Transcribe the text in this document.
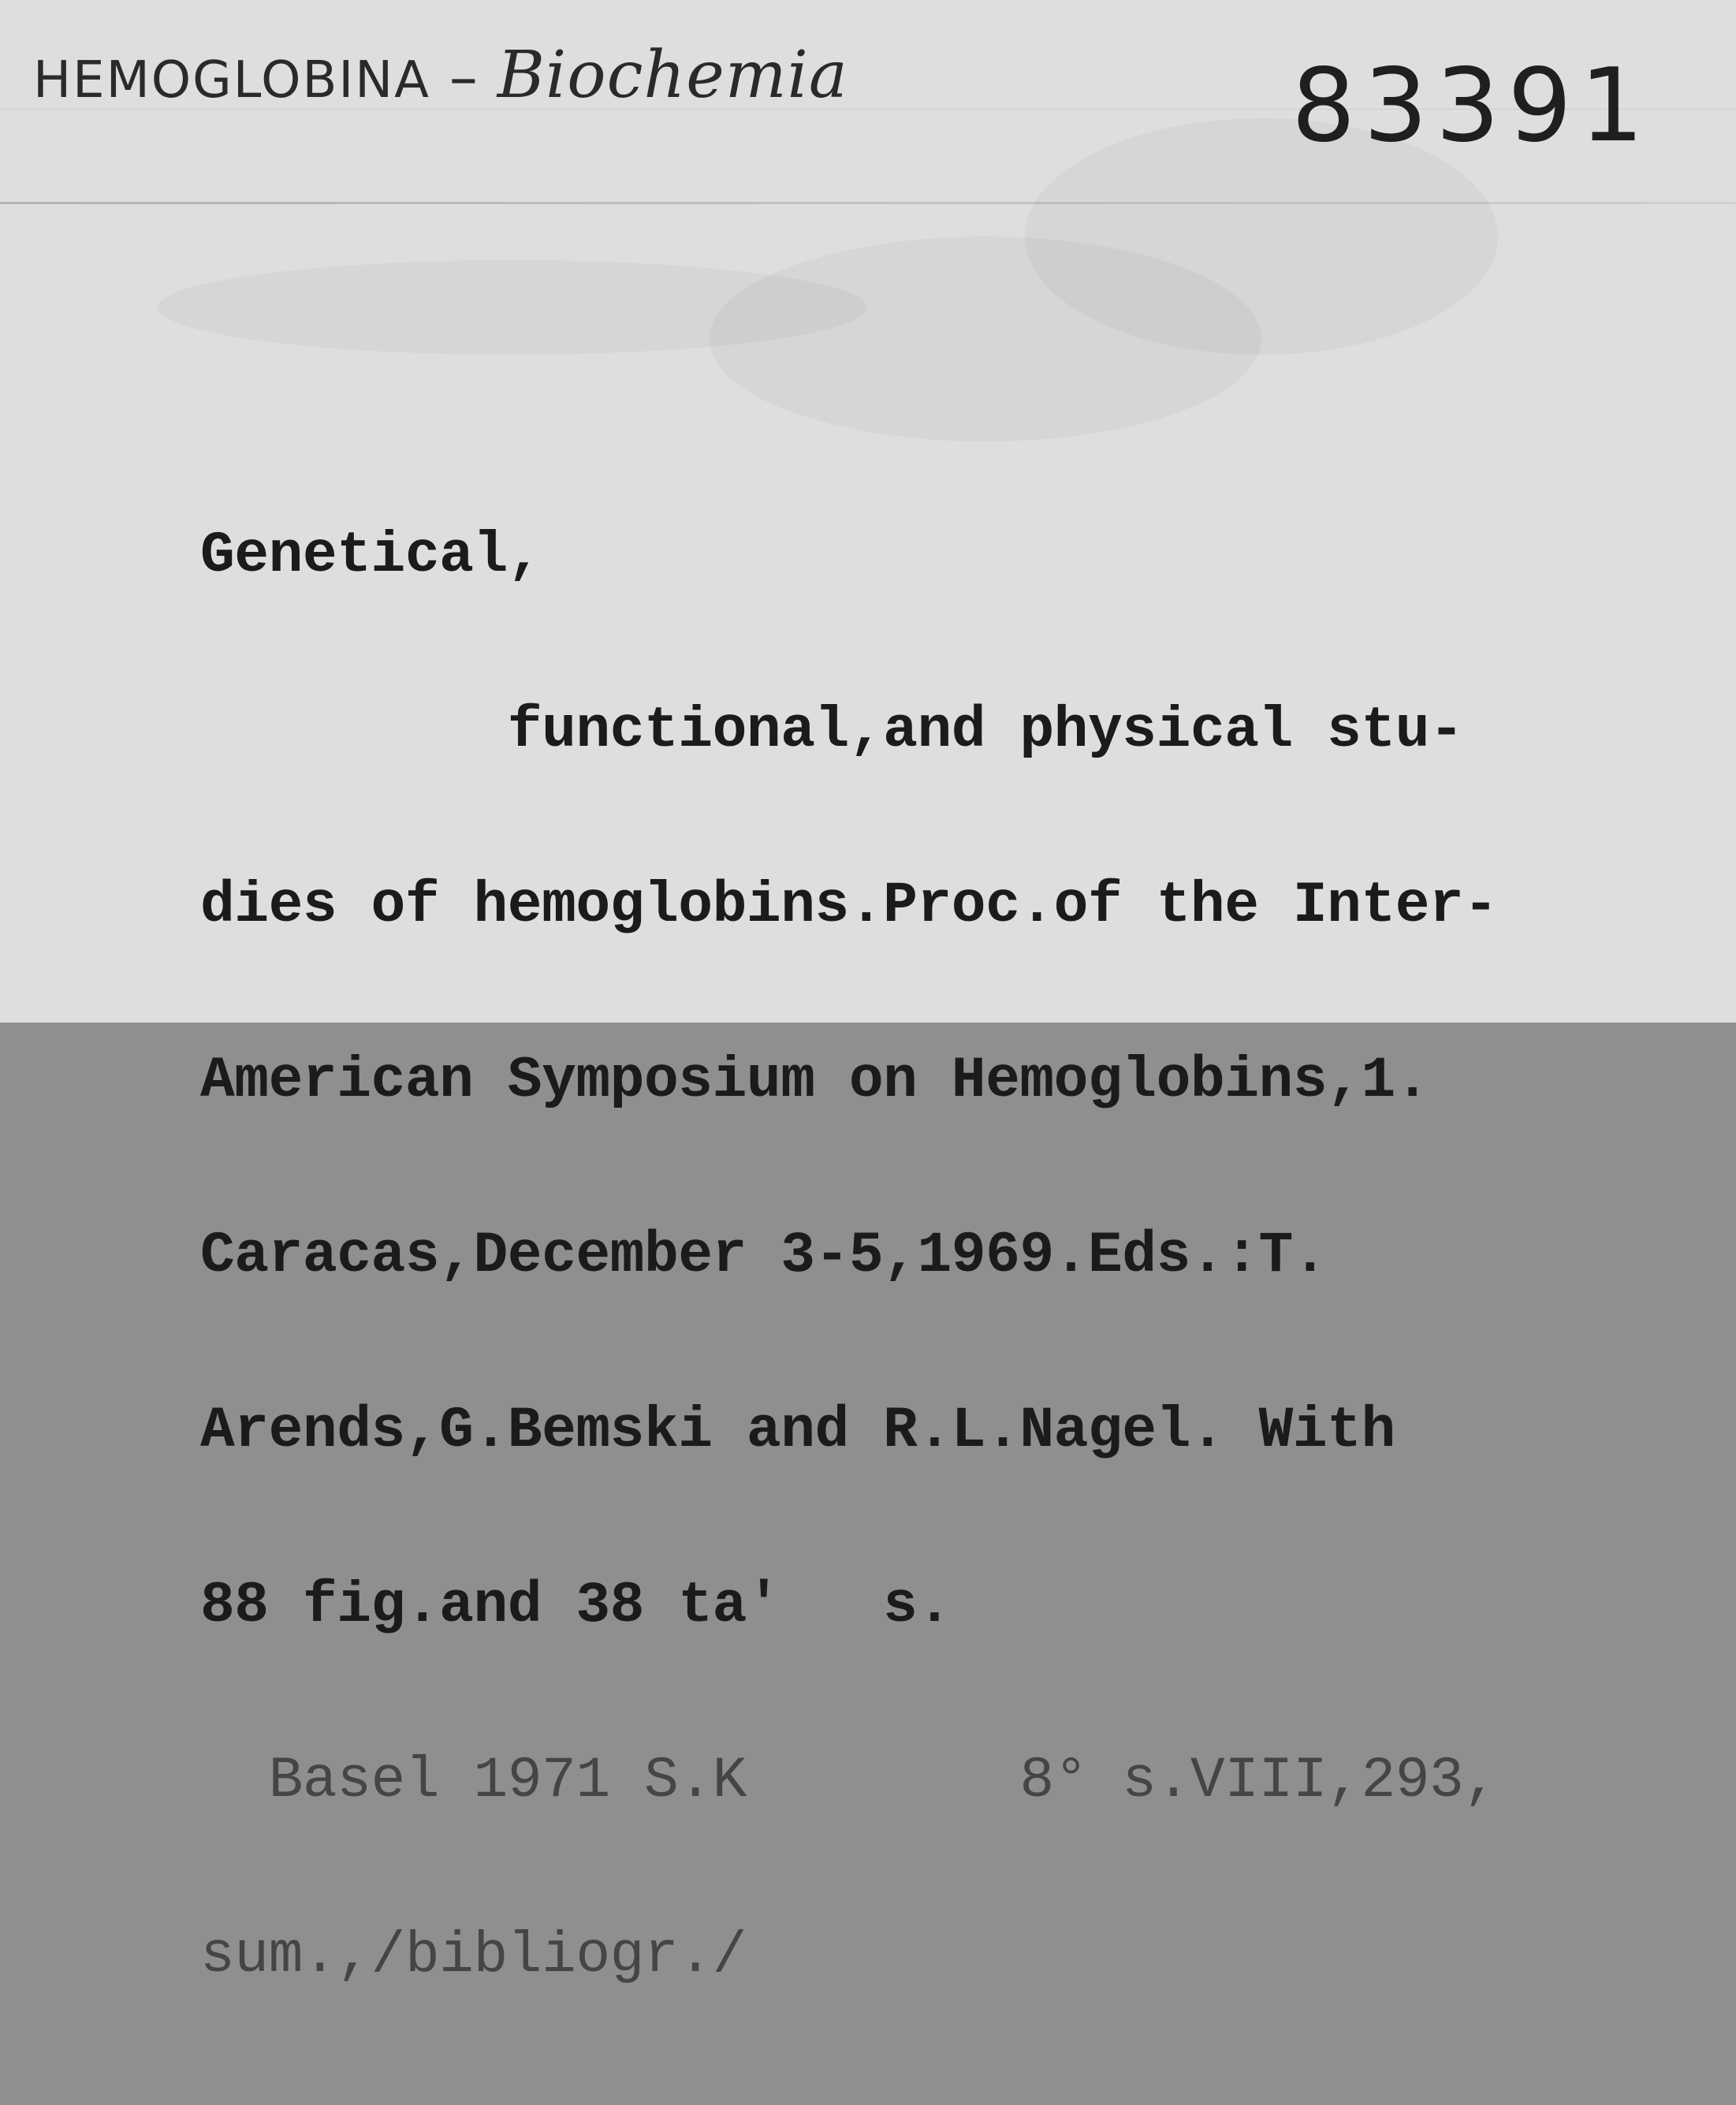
HEMOGLOBINA – Biochemia	83391

Genetical,

functional,and physical stu-

dies of hemoglobins.Proc.of the Inter-

American Symposium on Hemoglobins,1.

Caracas,December 3-5,1969.Eds.:T.

Arends,G.Bemski and R.L.Nagel. With

88 fig.and 38 ta'   s.

Basel 1971 S.K        8° s.VIII,293,

sum.,/bibliogr./
